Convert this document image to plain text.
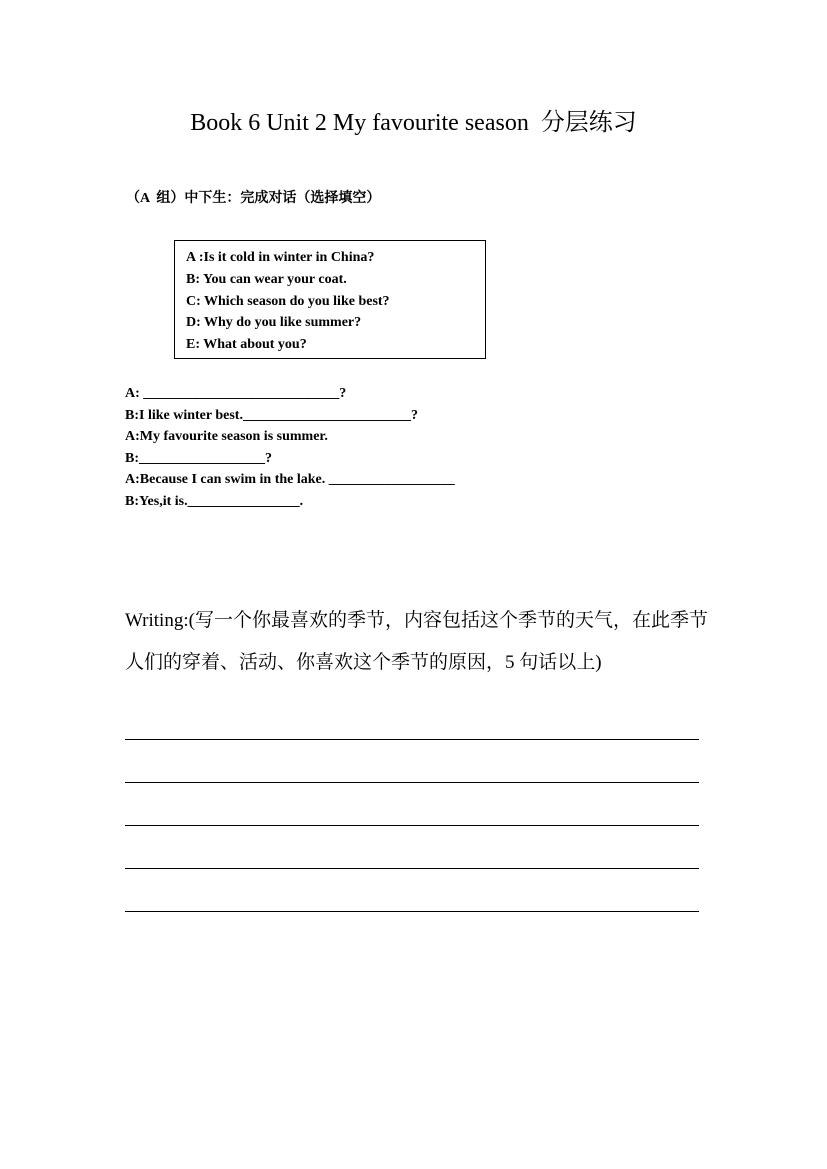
Book 6 Unit 2 My favourite season  分层练习
（A  组）中下生：完成对话（选择填空）
A :Is it cold in winter in China?
B: You can wear your coat.
C: Which season do you like best?
D: Why do you like summer?
E: What about you?
A: ____________________________?
B:I like winter best.________________________?
A:My favourite season is summer.
B:__________________?
A:Because I can swim in the lake. __________________
B:Yes,it is.________________.
Writing:(写一个你最喜欢的季节，内容包括这个季节的天气，在此季节人们的穿着、活动、你喜欢这个季节的原因，5 句话以上)
